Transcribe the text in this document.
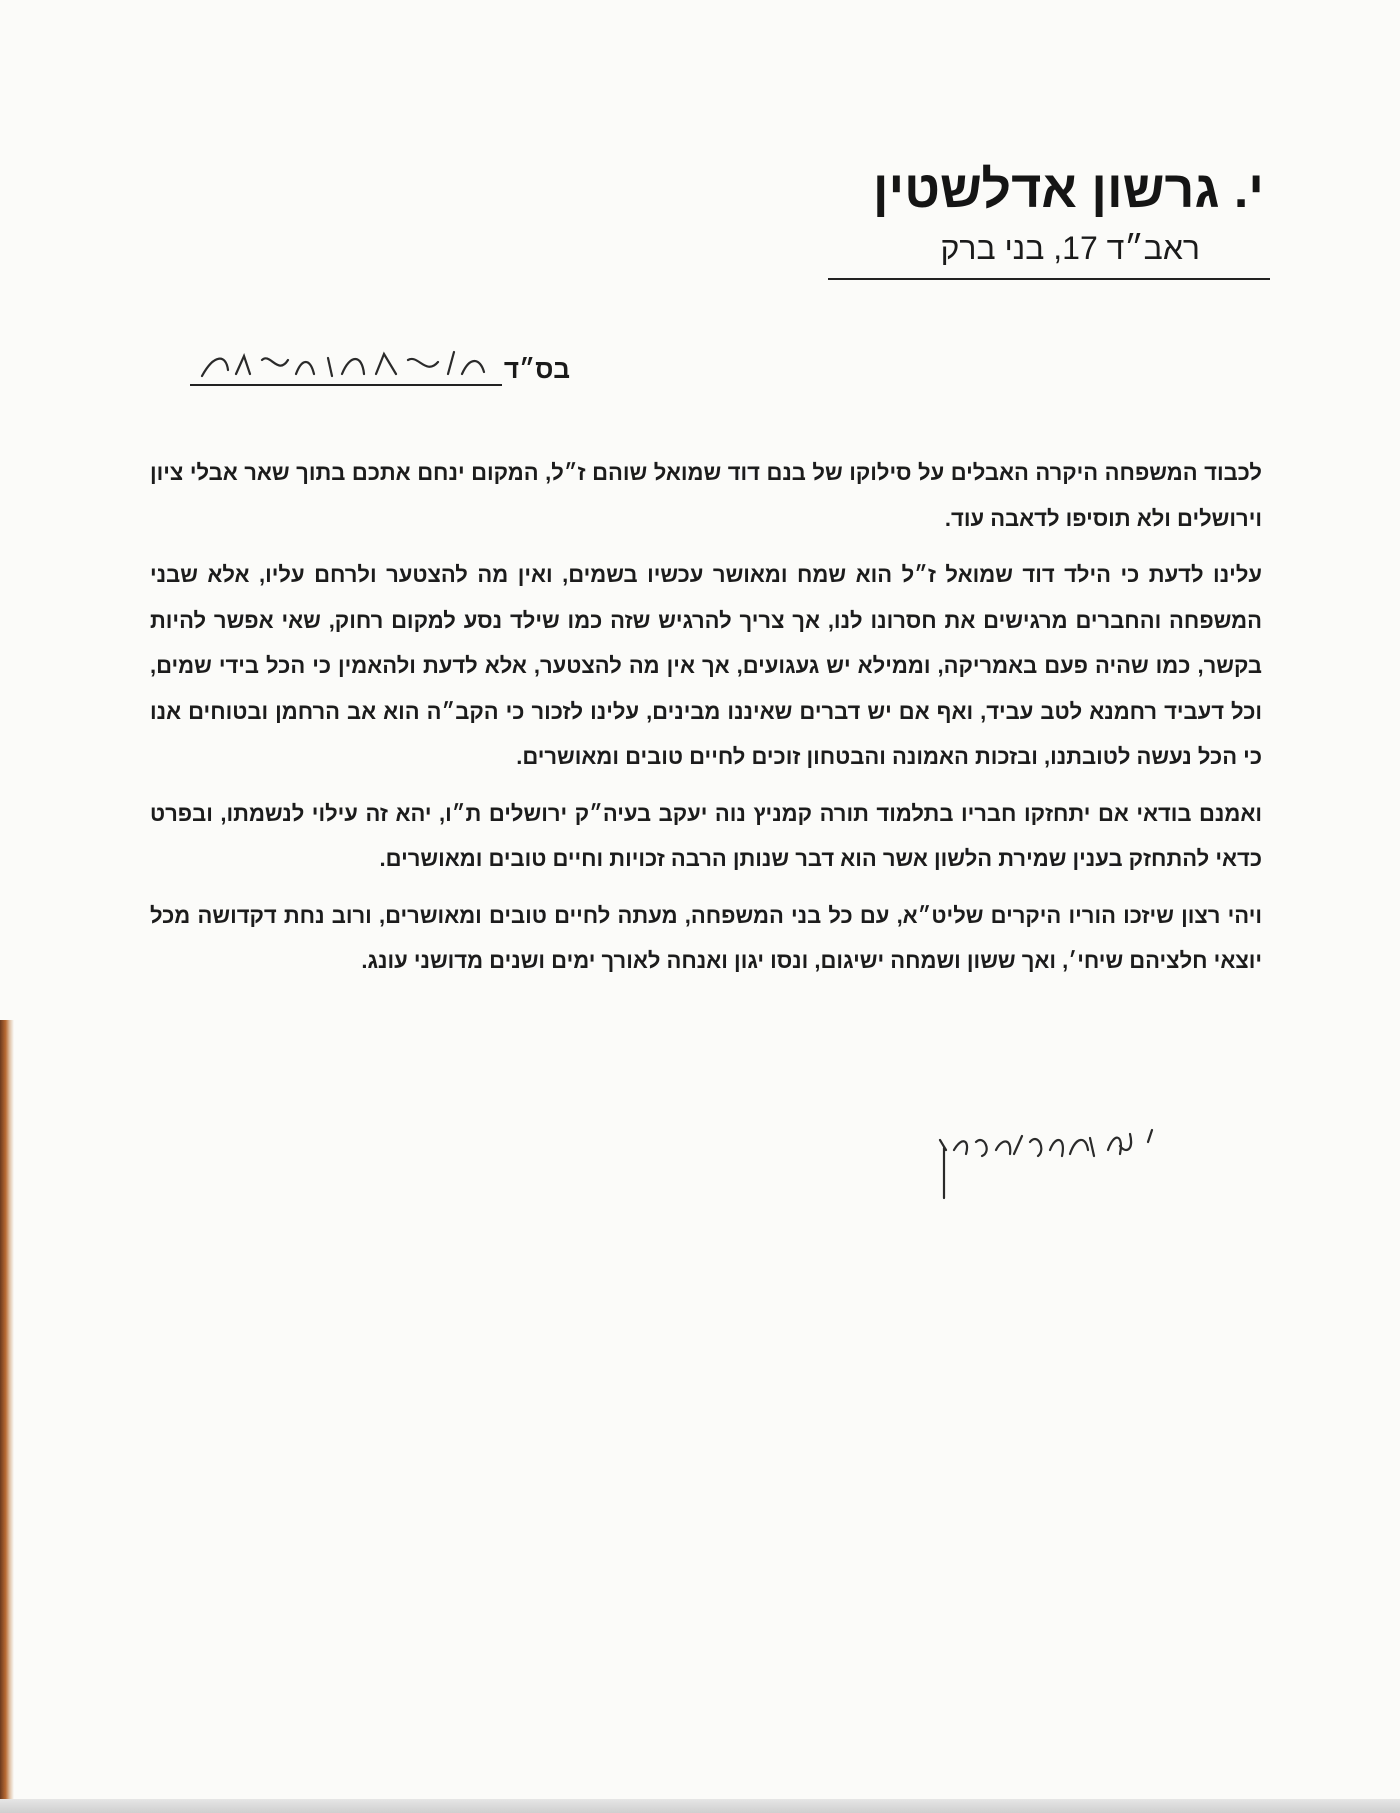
י. גרשון אדלשטין
ראב״ד 17, בני ברק
בס״ד

לכבוד המשפחה היקרה האבלים על סילוקו של בנם דוד שמואל שוהם ז״ל, המקום ינחם אתכם בתוך שאר אבלי ציון וירושלים ולא תוסיפו לדאבה עוד.

עלינו לדעת כי הילד דוד שמואל ז״ל הוא שמח ומאושר עכשיו בשמים, ואין מה להצטער ולרחם עליו, אלא שבני המשפחה והחברים מרגישים את חסרונו לנו, אך צריך להרגיש שזה כמו שילד נסע למקום רחוק, שאי אפשר להיות בקשר, כמו שהיה פעם באמריקה, וממילא יש געגועים, אך אין מה להצטער, אלא לדעת ולהאמין כי הכל בידי שמים, וכל דעביד רחמנא לטב עביד, ואף אם יש דברים שאיננו מבינים, עלינו לזכור כי הקב״ה הוא אב הרחמן ובטוחים אנו כי הכל נעשה לטובתנו, ובזכות האמונה והבטחון זוכים לחיים טובים ומאושרים.

ואמנם בודאי אם יתחזקו חבריו בתלמוד תורה קמניץ נוה יעקב בעיה״ק ירושלים ת״ו, יהא זה עילוי לנשמתו, ובפרט כדאי להתחזק בענין שמירת הלשון אשר הוא דבר שנותן הרבה זכויות וחיים טובים ומאושרים.

ויהי רצון שיזכו הוריו היקרים שליט״א, עם כל בני המשפחה, מעתה לחיים טובים ומאושרים, ורוב נחת דקדושה מכל יוצאי חלציהם שיחי׳, ואך ששון ושמחה ישיגום, ונסו יגון ואנחה לאורך ימים ושנים מדושני עונג.
